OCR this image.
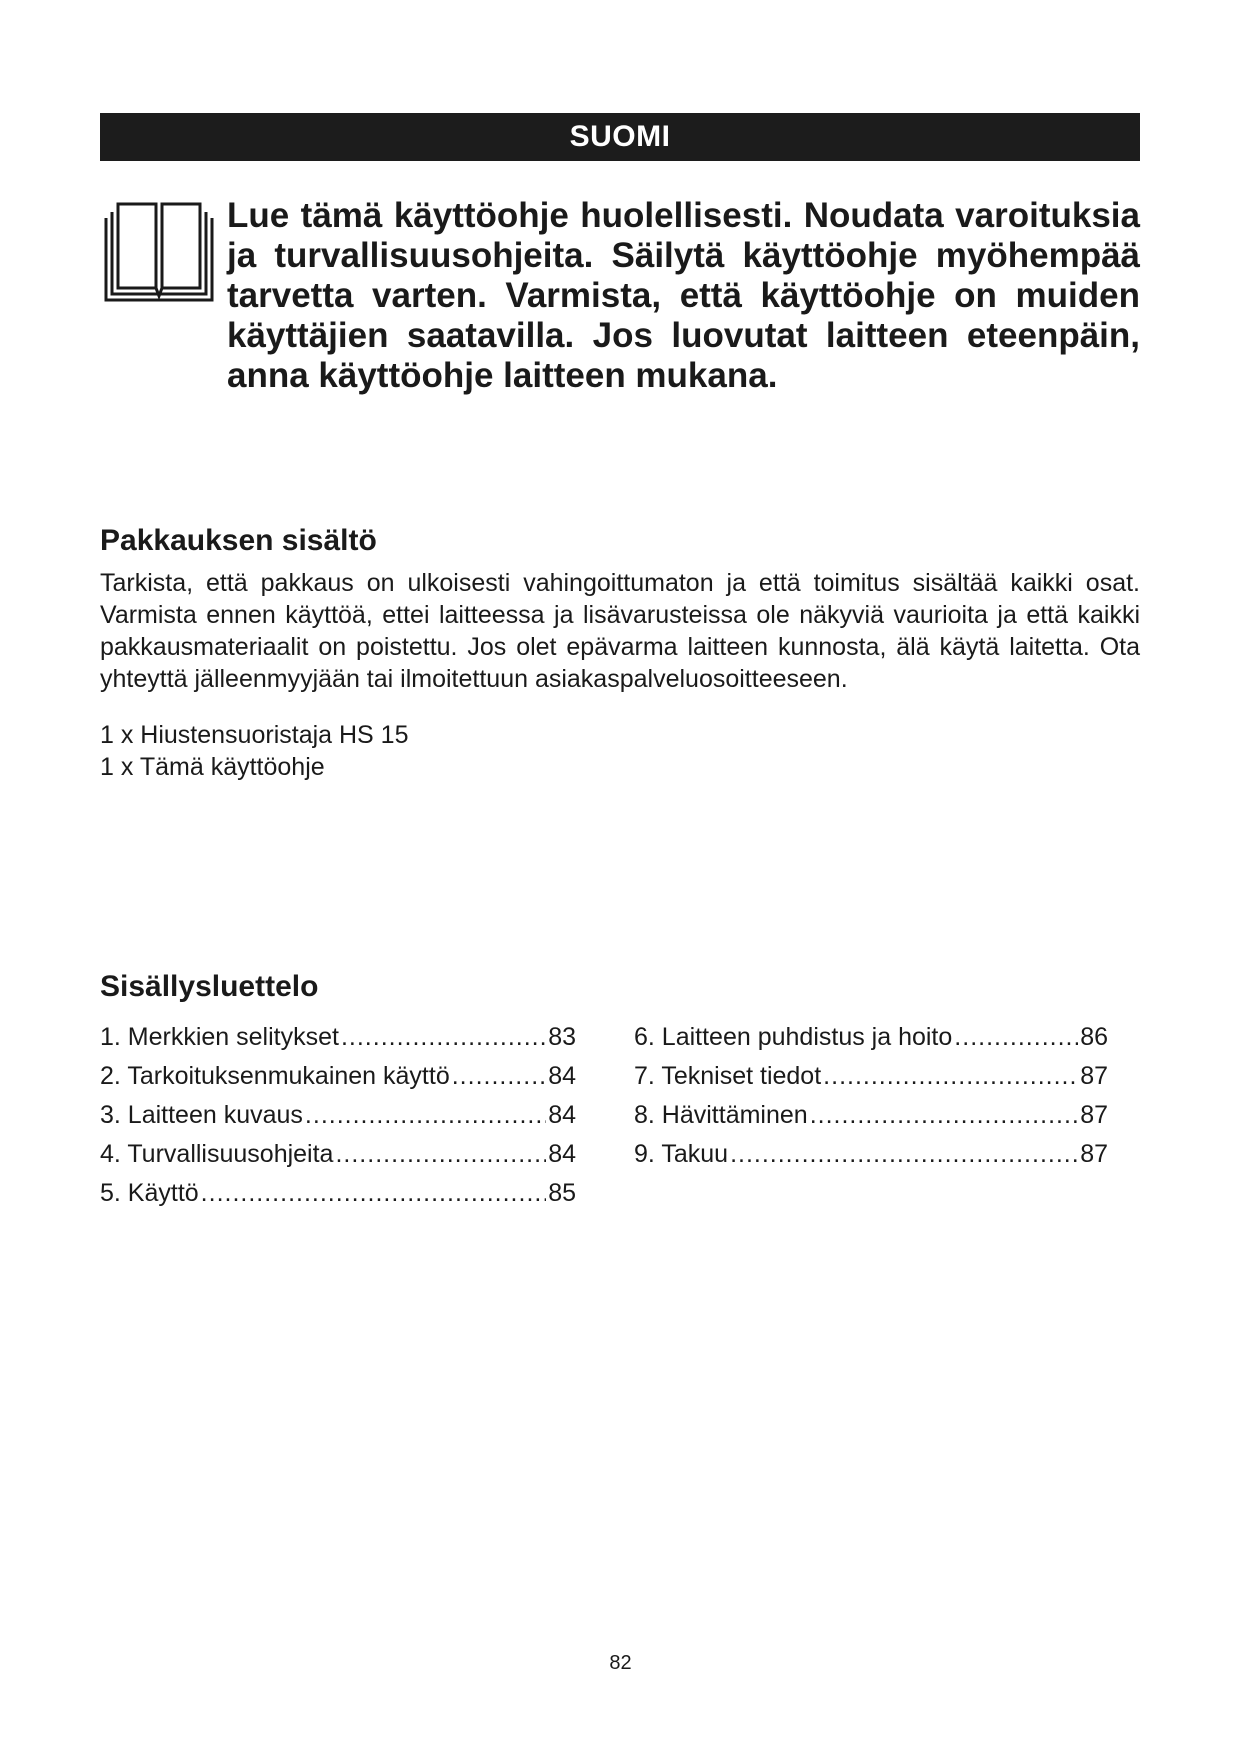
SUOMI

Lue tämä käyttöohje huolellisesti. Noudata varoituksia ja turvallisuusohjeita. Säilytä käyttöohje myöhempää tarvetta varten. Varmista, että käyttöohje on muiden käyttäjien saatavilla. Jos luovutat laitteen eteenpäin, anna käyttöohje laitteen mukana.

Pakkauksen sisältö

Tarkista, että pakkaus on ulkoisesti vahingoittumaton ja että toimitus sisältää kaikki osat. Varmista ennen käyttöä, ettei laitteessa ja lisävarusteissa ole näkyviä vaurioita ja että kaikki pakkausmateriaalit on poistettu. Jos olet epävarma laitteen kunnosta, älä käytä laitetta. Ota yhteyttä jälleenmyyjään tai ilmoitettuun asiakaspalveluosoitteeseen.

1 x Hiustensuoristaja HS 15
1 x Tämä käyttöohje
Sisällysluettelo
1. Merkkien selitykset .....	83
2. Tarkoituksenmukainen käyttö .....	84
3. Laitteen kuvaus .....	84
4. Turvallisuusohjeita .....	84
5. Käyttö .....	85
6. Laitteen puhdistus ja hoito .....	86
7. Tekniset tiedot .....	87
8. Hävittäminen .....	87
9. Takuu .....	87
82
